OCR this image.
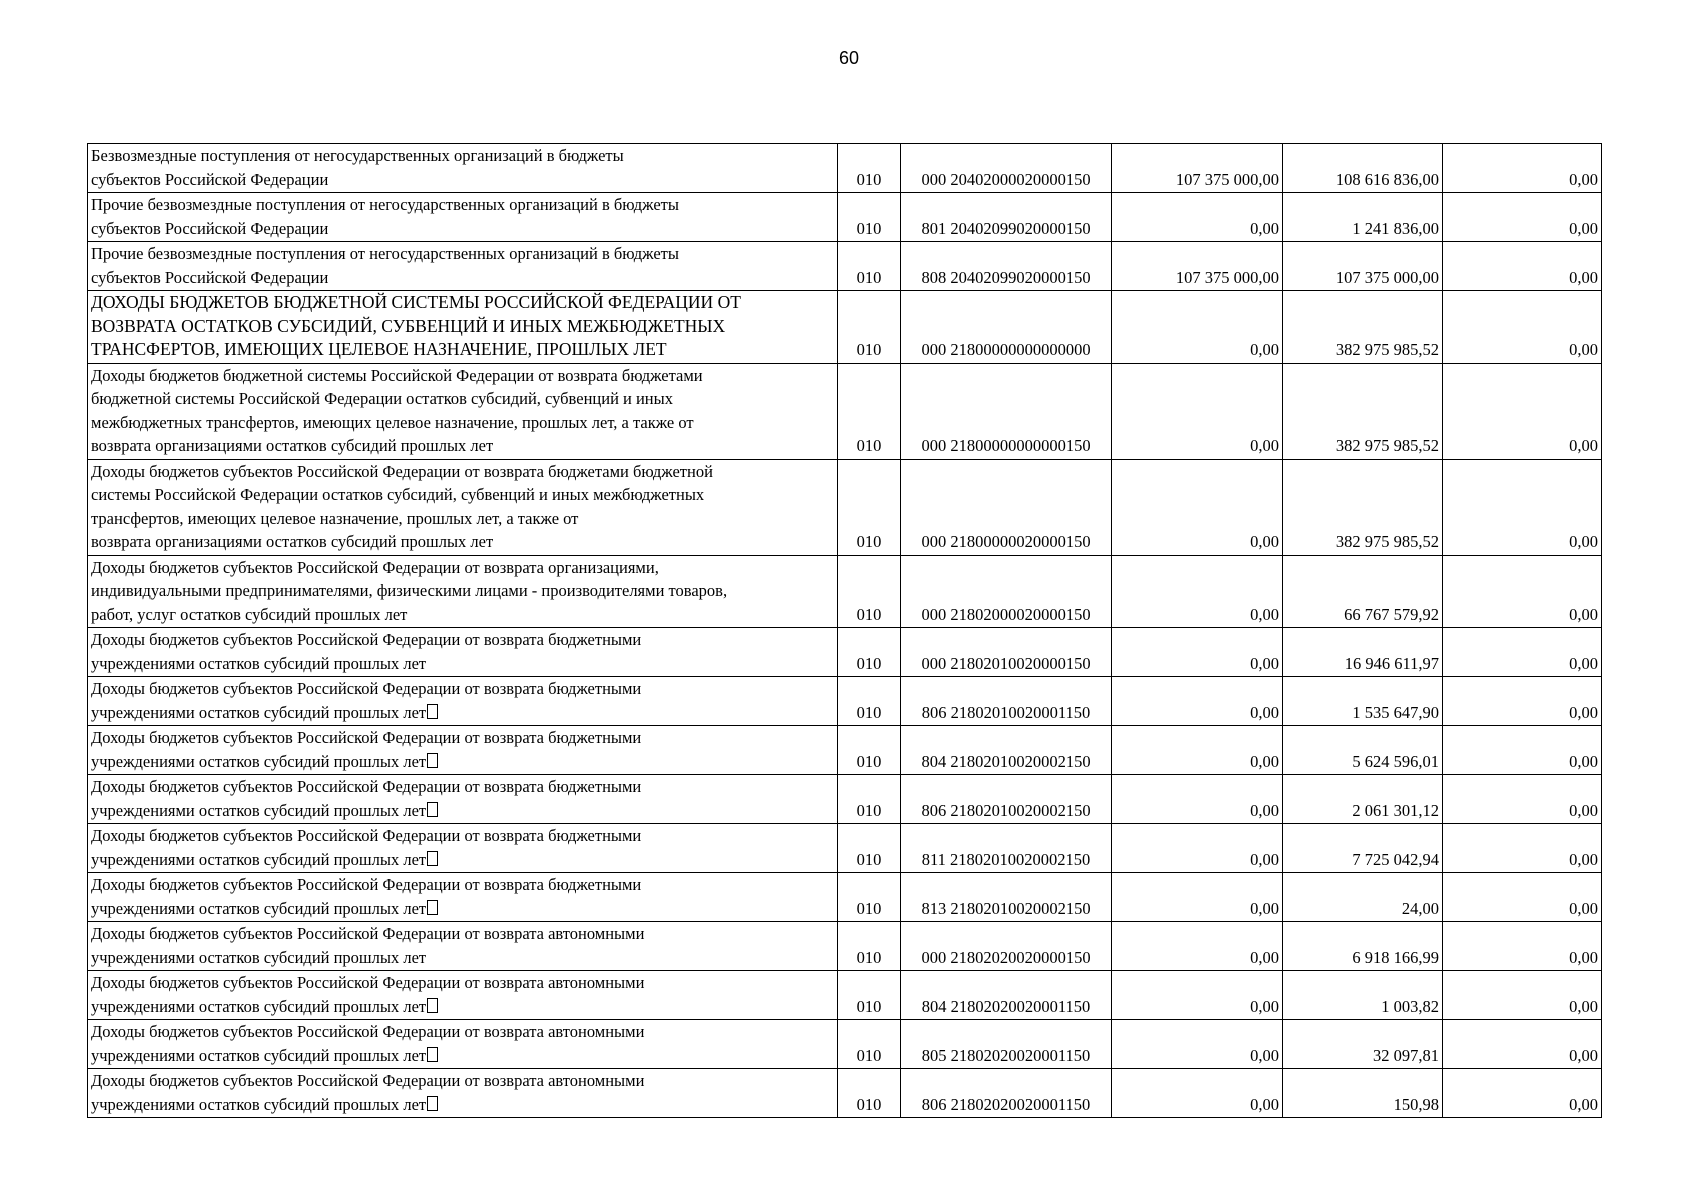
60
Безвозмездные поступления от негосударственных организаций в бюджеты
субъектов Российской Федерации	010	000 20402000020000150	107 375 000,00	108 616 836,00	0,00
Прочие безвозмездные поступления от негосударственных организаций в бюджеты
субъектов Российской Федерации	010	801 20402099020000150	0,00	1 241 836,00	0,00
Прочие безвозмездные поступления от негосударственных организаций в бюджеты
субъектов Российской Федерации	010	808 20402099020000150	107 375 000,00	107 375 000,00	0,00
ДОХОДЫ БЮДЖЕТОВ БЮДЖЕТНОЙ СИСТЕМЫ РОССИЙСКОЙ ФЕДЕРАЦИИ ОТ
ВОЗВРАТА ОСТАТКОВ СУБСИДИЙ, СУБВЕНЦИЙ И ИНЫХ МЕЖБЮДЖЕТНЫХ
ТРАНСФЕРТОВ, ИМЕЮЩИХ ЦЕЛЕВОЕ НАЗНАЧЕНИЕ, ПРОШЛЫХ ЛЕТ	010	000 21800000000000000	0,00	382 975 985,52	0,00
Доходы бюджетов бюджетной системы Российской Федерации от возврата бюджетами
бюджетной системы Российской Федерации остатков субсидий, субвенций и иных
межбюджетных трансфертов, имеющих целевое назначение, прошлых лет, а также от
возврата организациями остатков субсидий прошлых лет	010	000 21800000000000150	0,00	382 975 985,52	0,00
Доходы бюджетов субъектов Российской Федерации от возврата бюджетами бюджетной
системы Российской Федерации остатков субсидий, субвенций и иных межбюджетных
трансфертов, имеющих целевое назначение, прошлых лет, а также от
возврата организациями остатков субсидий прошлых лет	010	000 21800000020000150	0,00	382 975 985,52	0,00
Доходы бюджетов субъектов Российской Федерации от возврата организациями,
индивидуальными предпринимателями, физическими лицами - производителями товаров,
работ, услуг остатков субсидий прошлых лет	010	000 21802000020000150	0,00	66 767 579,92	0,00
Доходы бюджетов субъектов Российской Федерации от возврата бюджетными
учреждениями остатков субсидий прошлых лет	010	000 21802010020000150	0,00	16 946 611,97	0,00
Доходы бюджетов субъектов Российской Федерации от возврата бюджетными
учреждениями остатков субсидий прошлых лет	010	806 21802010020001150	0,00	1 535 647,90	0,00
Доходы бюджетов субъектов Российской Федерации от возврата бюджетными
учреждениями остатков субсидий прошлых лет	010	804 21802010020002150	0,00	5 624 596,01	0,00
Доходы бюджетов субъектов Российской Федерации от возврата бюджетными
учреждениями остатков субсидий прошлых лет	010	806 21802010020002150	0,00	2 061 301,12	0,00
Доходы бюджетов субъектов Российской Федерации от возврата бюджетными
учреждениями остатков субсидий прошлых лет	010	811 21802010020002150	0,00	7 725 042,94	0,00
Доходы бюджетов субъектов Российской Федерации от возврата бюджетными
учреждениями остатков субсидий прошлых лет	010	813 21802010020002150	0,00	24,00	0,00
Доходы бюджетов субъектов Российской Федерации от возврата автономными
учреждениями остатков субсидий прошлых лет	010	000 21802020020000150	0,00	6 918 166,99	0,00
Доходы бюджетов субъектов Российской Федерации от возврата автономными
учреждениями остатков субсидий прошлых лет	010	804 21802020020001150	0,00	1 003,82	0,00
Доходы бюджетов субъектов Российской Федерации от возврата автономными
учреждениями остатков субсидий прошлых лет	010	805 21802020020001150	0,00	32 097,81	0,00
Доходы бюджетов субъектов Российской Федерации от возврата автономными
учреждениями остатков субсидий прошлых лет	010	806 21802020020001150	0,00	150,98	0,00
